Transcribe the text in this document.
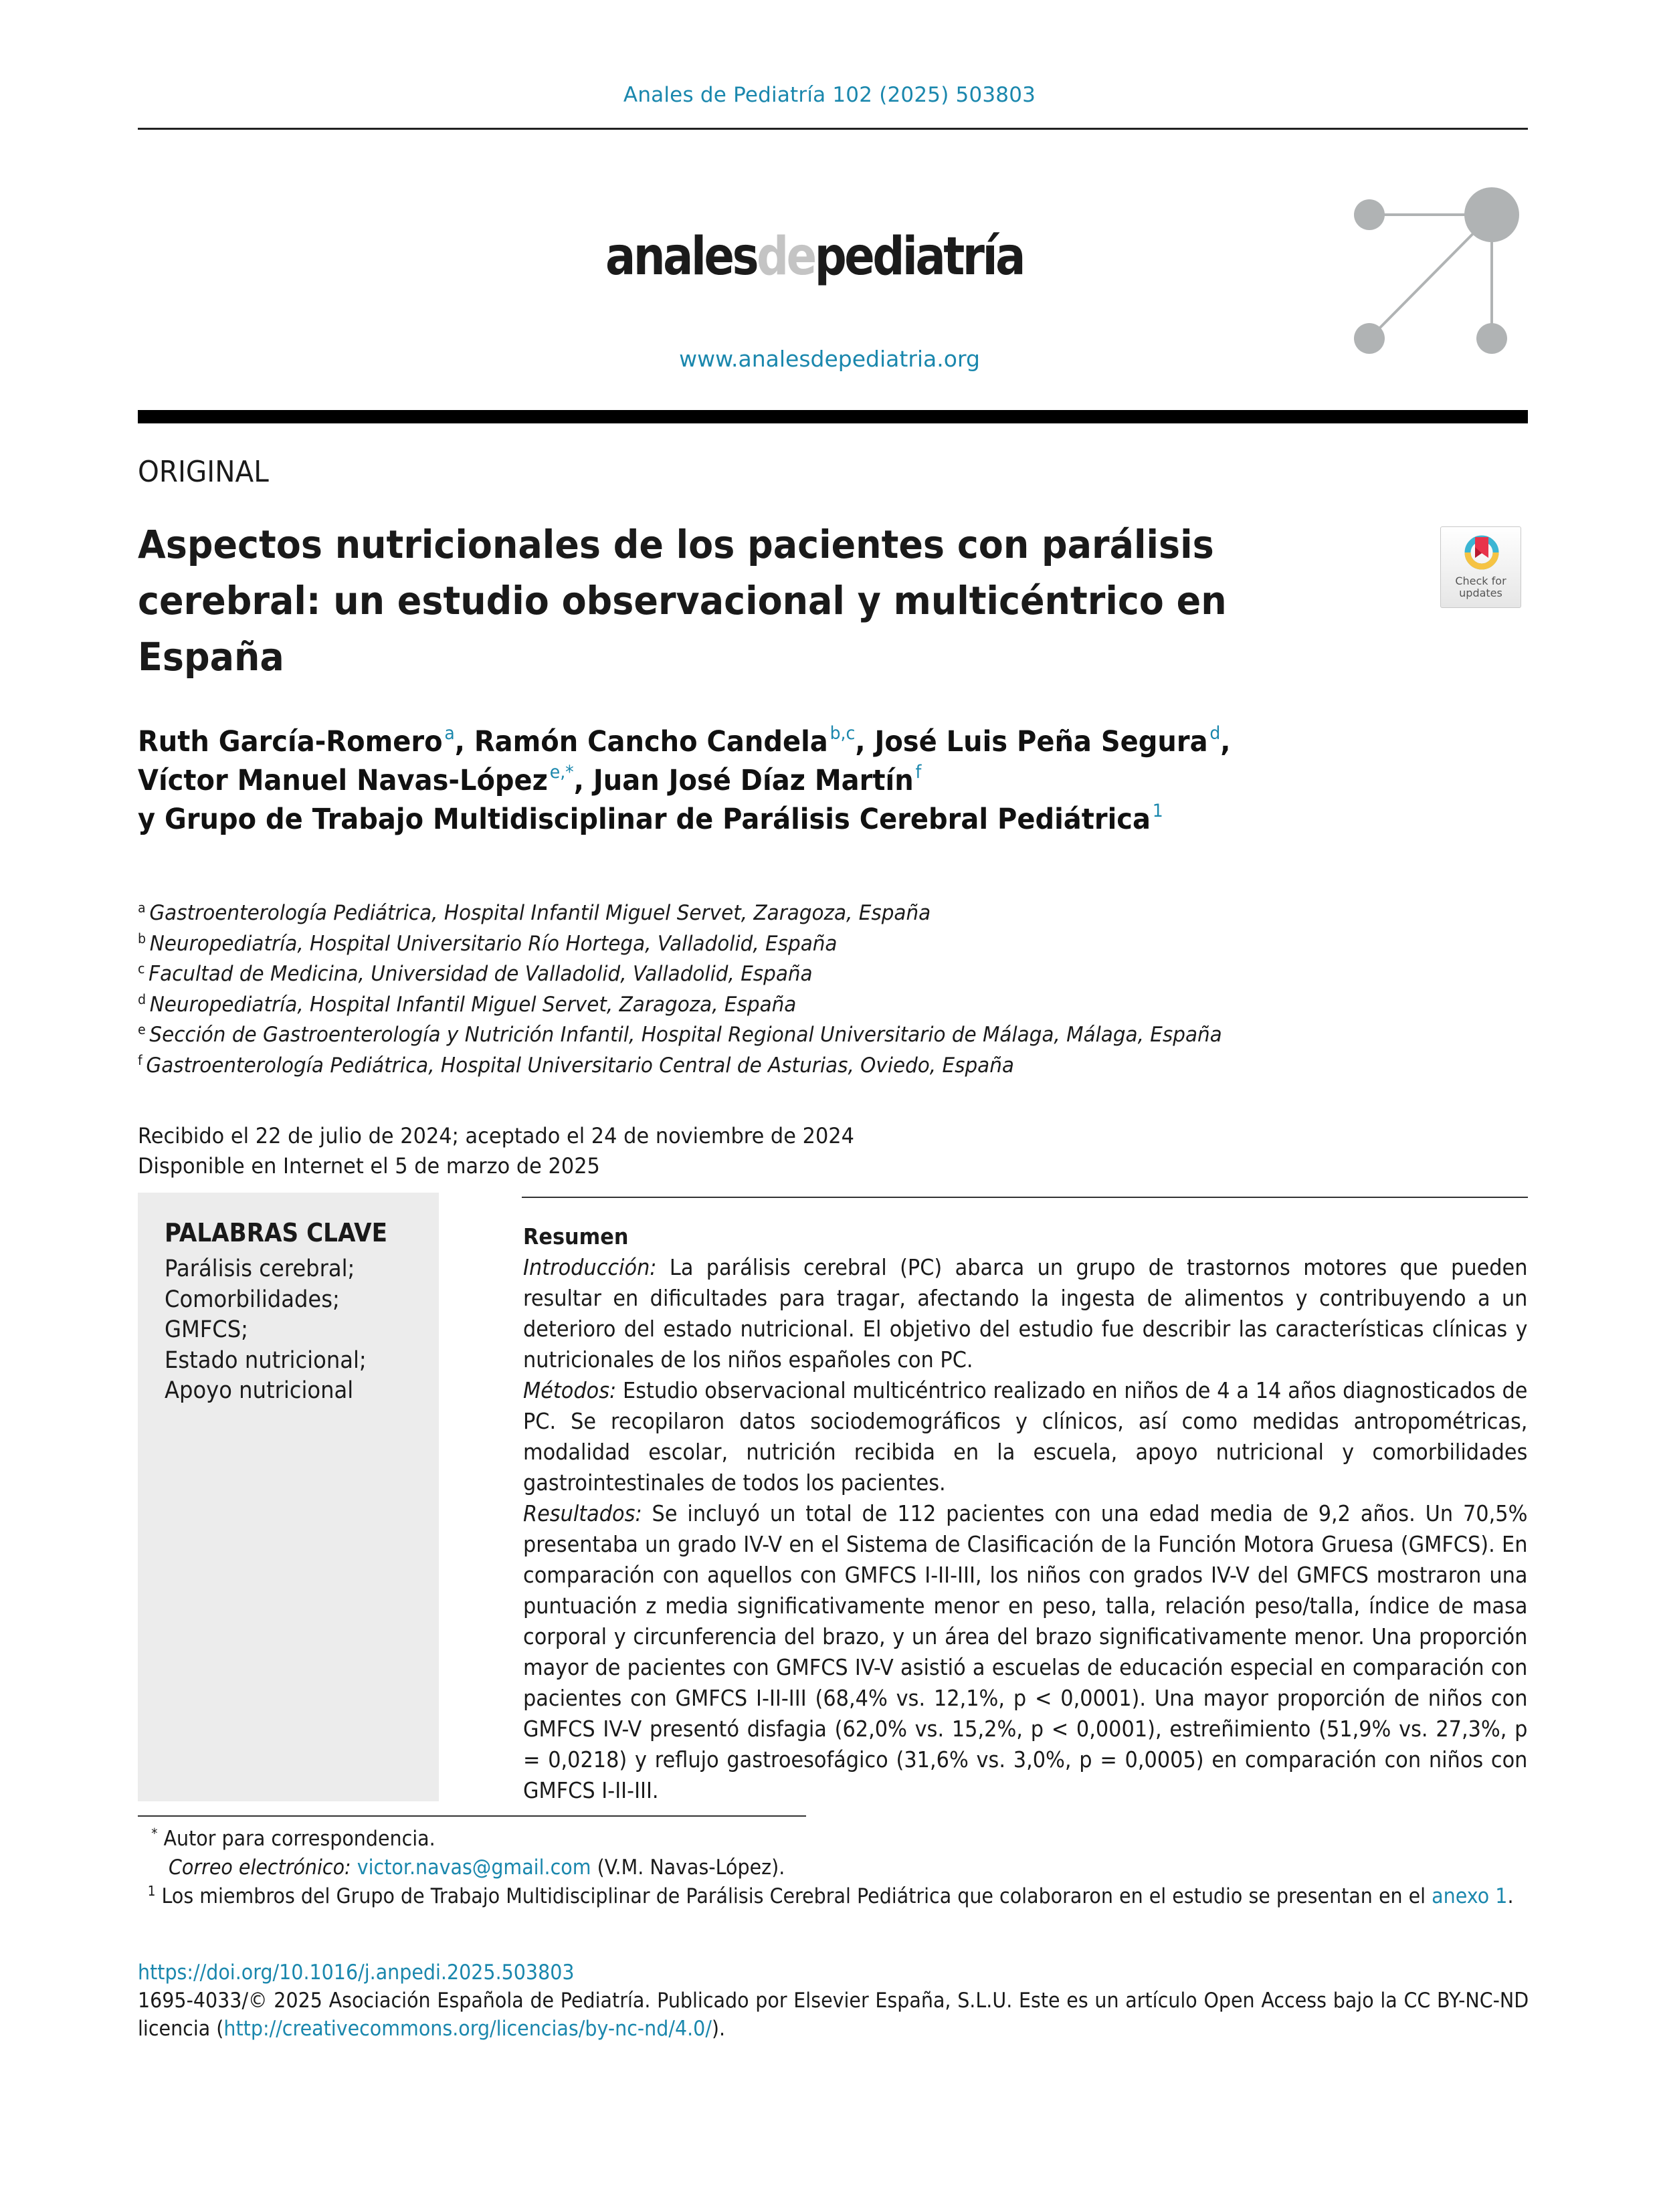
Anales de Pediatría 102 (2025) 503803
analesdepediatría
www.analesdepediatria.org
ORIGINAL
Aspectos nutricionales de los pacientes con parálisis cerebral: un estudio observacional y multicéntrico en España
Check for
updates
Ruth García-Romero $^a$, Ramón Cancho Candela $^{b,c}$, José Luis Peña Segura $^d$,
Víctor Manuel Navas-López $^{e,*}$, Juan José Díaz Martín $^f$
y Grupo de Trabajo Multidisciplinar de Parálisis Cerebral Pediátrica $^1$
$^a$ Gastroenterología Pediátrica, Hospital Infantil Miguel Servet, Zaragoza, España
$^b$ Neuropediatría, Hospital Universitario Río Hortega, Valladolid, España
$^c$ Facultad de Medicina, Universidad de Valladolid, Valladolid, España
$^d$ Neuropediatría, Hospital Infantil Miguel Servet, Zaragoza, España
$^e$ Sección de Gastroenterología y Nutrición Infantil, Hospital Regional Universitario de Málaga, Málaga, España
$^f$ Gastroenterología Pediátrica, Hospital Universitario Central de Asturias, Oviedo, España
Recibido el 22 de julio de 2024; aceptado el 24 de noviembre de 2024
Disponible en Internet el 5 de marzo de 2025
PALABRAS CLAVE
Parálisis cerebral;
Comorbilidades;
GMFCS;
Estado nutricional;
Apoyo nutricional
Resumen

Introducción: La parálisis cerebral (PC) abarca un grupo de trastornos motores que pueden resultar en dificultades para tragar, afectando la ingesta de alimentos y contribuyendo a un deterioro del estado nutricional. El objetivo del estudio fue describir las características clínicas y nutricionales de los niños españoles con PC.

Métodos: Estudio observacional multicéntrico realizado en niños de 4 a 14 años diagnosticados de PC. Se recopilaron datos sociodemográficos y clínicos, así como medidas antropométricas, modalidad escolar, nutrición recibida en la escuela, apoyo nutricional y comorbilidades gastrointestinales de todos los pacientes.

Resultados: Se incluyó un total de 112 pacientes con una edad media de 9,2 años. Un 70,5% presentaba un grado IV-V en el Sistema de Clasificación de la Función Motora Gruesa (GMFCS). En comparación con aquellos con GMFCS I-II-III, los niños con grados IV-V del GMFCS mostraron una puntuación z media significativamente menor en peso, talla, relación peso/talla, índice de masa corporal y circunferencia del brazo, y un área del brazo significativamente menor. Una proporción mayor de pacientes con GMFCS IV-V asistió a escuelas de educación especial en comparación con pacientes con GMFCS I-II-III (68,4% vs. 12,1%, p < 0,0001). Una mayor proporción de niños con GMFCS IV-V presentó disfagia (62,0% vs. 15,2%, p < 0,0001), estreñimiento (51,9% vs. 27,3%, p = 0,0218) y reflujo gastroesofágico (31,6% vs. 3,0%, p = 0,0005) en comparación con niños con GMFCS I-II-III.

* Autor para correspondencia.

Correo electrónico: victor.navas@gmail.com (V.M. Navas-López).

$^1$ Los miembros del Grupo de Trabajo Multidisciplinar de Parálisis Cerebral Pediátrica que colaboraron en el estudio se presentan en el anexo 1.

https://doi.org/10.1016/j.anpedi.2025.503803

1695-4033/© 2025 Asociación Española de Pediatría. Publicado por Elsevier España, S.L.U. Este es un artículo Open Access bajo la CC BY-NC-ND licencia (http://creativecommons.org/licencias/by-nc-nd/4.0/).
